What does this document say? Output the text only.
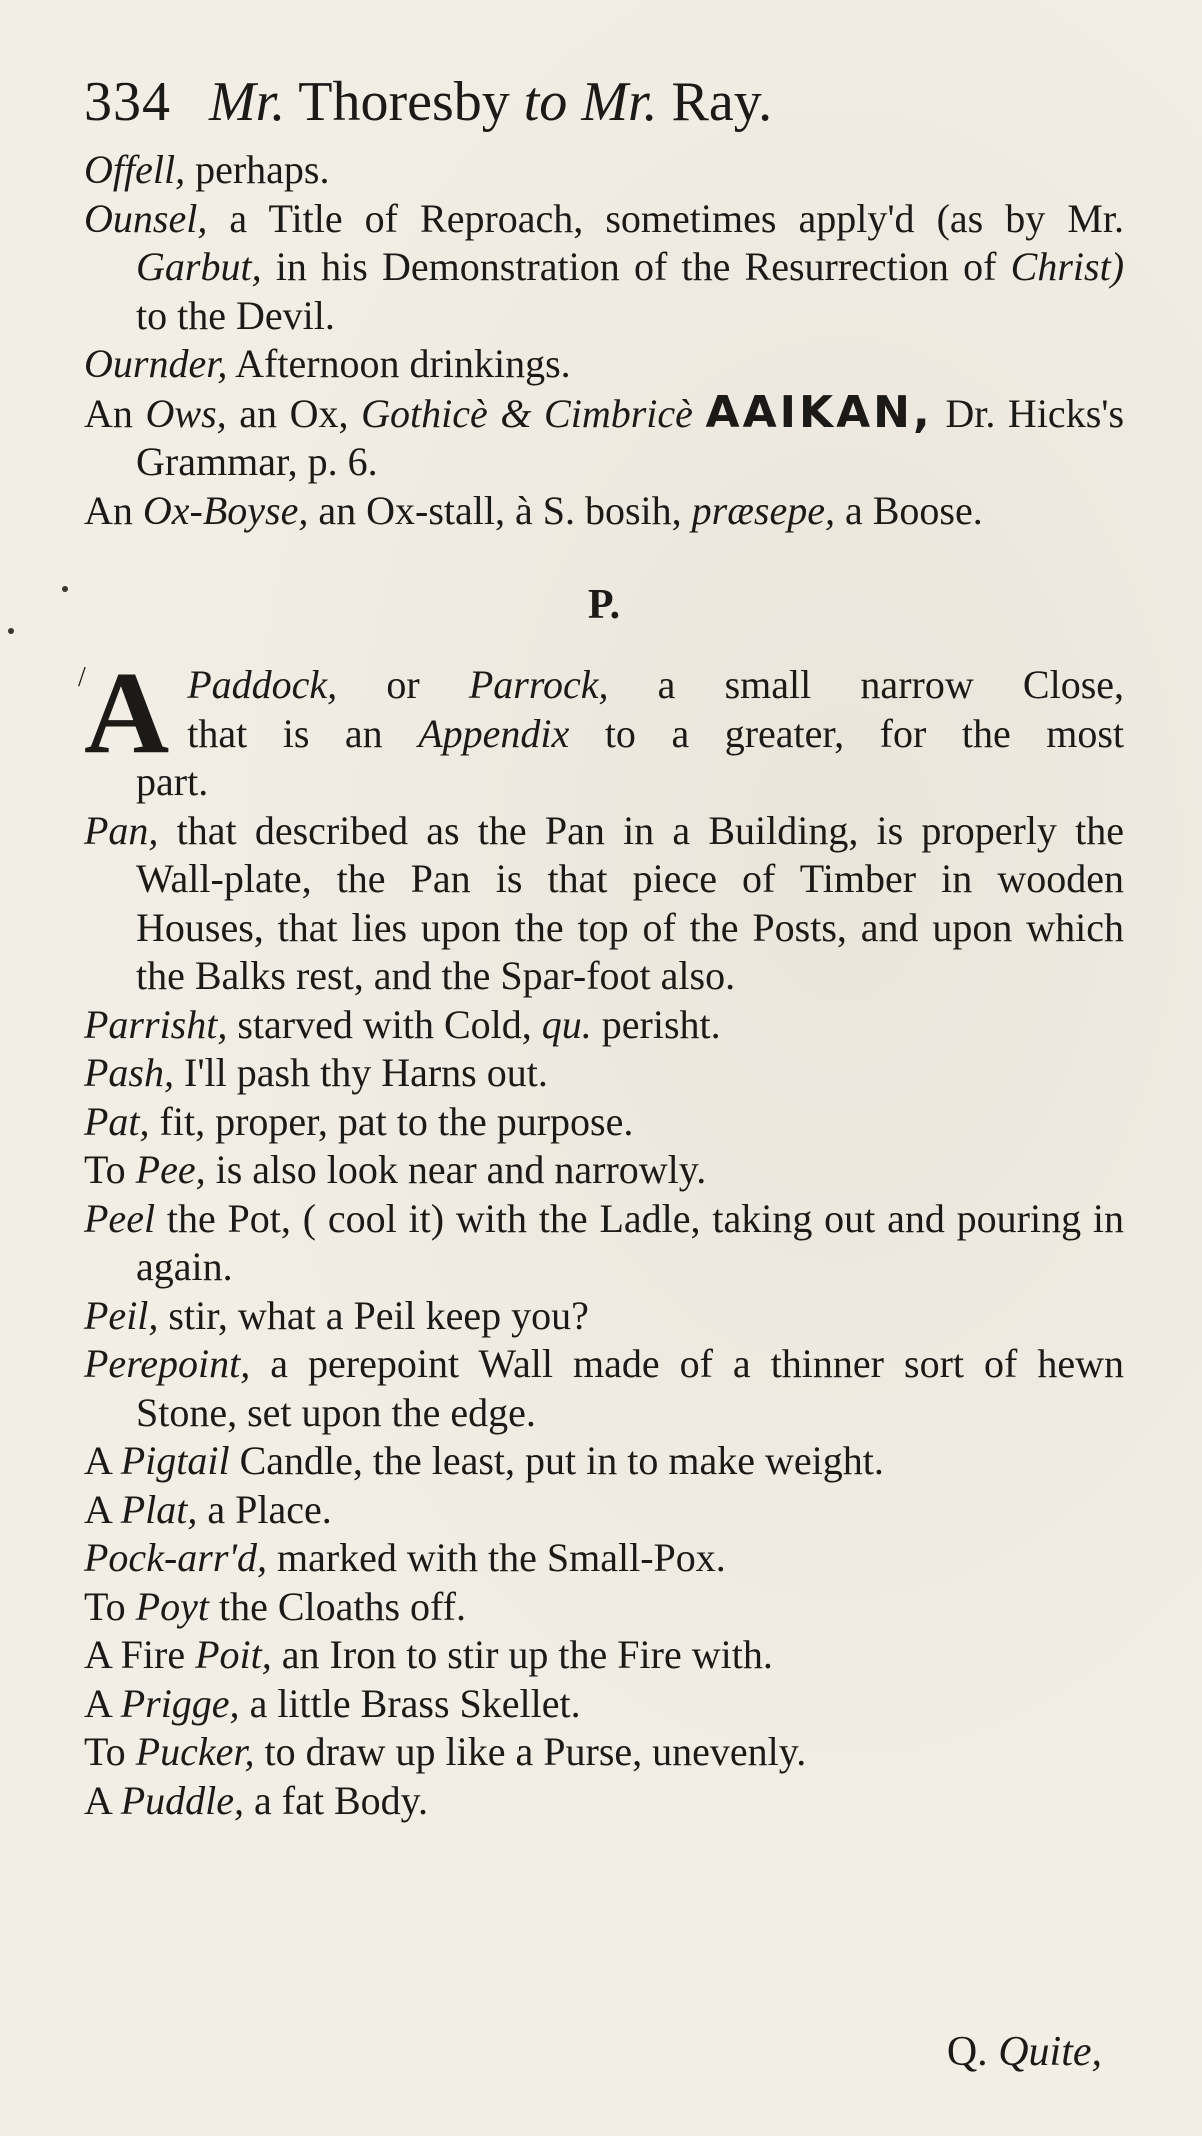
334 Mr. Thoresby to Mr. Ray.
Offell, perhaps.
Ounsel, a Title of Reproach, sometimes apply'd (as by Mr. Garbut, in his Demonstration of the Resurrection of Christ) to the Devil.
Ournder, Afternoon drinkings.
An Ows, an Ox, Gothicè & Cimbricè ΑΑΙΚΑΝ, Dr. Hicks's Grammar, p. 6.
An Ox-Boyse, an Ox-stall, à S. bosih, præsepe, a Boose.
P.
/
A Paddock, or Parrock, a small narrow Close,
that is an Appendix to a greater, for the most
part.
Pan, that described as the Pan in a Building, is properly the Wall-plate, the Pan is that piece of Timber in wooden Houses, that lies upon the top of the Posts, and upon which the Balks rest, and the Spar-foot also.
Parrisht, starved with Cold, qu. perisht.
Pash, I'll pash thy Harns out.
Pat, fit, proper, pat to the purpose.
To Pee, is also look near and narrowly.
Peel the Pot, ( cool it) with the Ladle, taking out and pouring in again.
Peil, stir, what a Peil keep you?
Perepoint, a perepoint Wall made of a thinner sort of hewn Stone, set upon the edge.
A Pigtail Candle, the least, put in to make weight.
A Plat, a Place.
Pock-arr'd, marked with the Small-Pox.
To Poyt the Cloaths off.
A Fire Poit, an Iron to stir up the Fire with.
A Prigge, a little Brass Skellet.
To Pucker, to draw up like a Purse, unevenly.
A Puddle, a fat Body.
Q. Quite,
